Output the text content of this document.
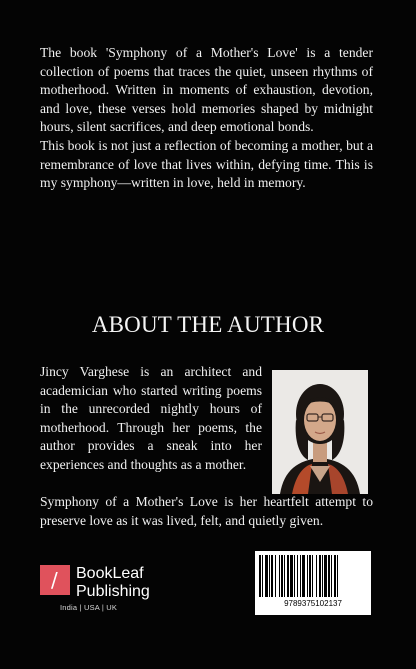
The book 'Symphony of a Mother's Love' is a tender collection of poems that traces the quiet, unseen rhythms of motherhood. Written in moments of exhaustion, devotion, and love, these verses hold memories shaped by midnight hours, silent sacrifices, and deep emotional bonds.

This book is not just a reflection of becoming a mother, but a remembrance of love that lives within, defying time. This is my symphony—written in love, held in memory.

ABOUT THE AUTHOR
Jincy Varghese is an architect and academician who started writing poems in the unrecorded nightly hours of motherhood. Through her poems, the author provides a sneak into her experiences and thoughts as a mother.
Symphony of a Mother's Love is her heartfelt attempt to preserve love as it was lived, felt, and quietly given.
/ BookLeaf
Publishing
India | USA | UK	9789375102137
